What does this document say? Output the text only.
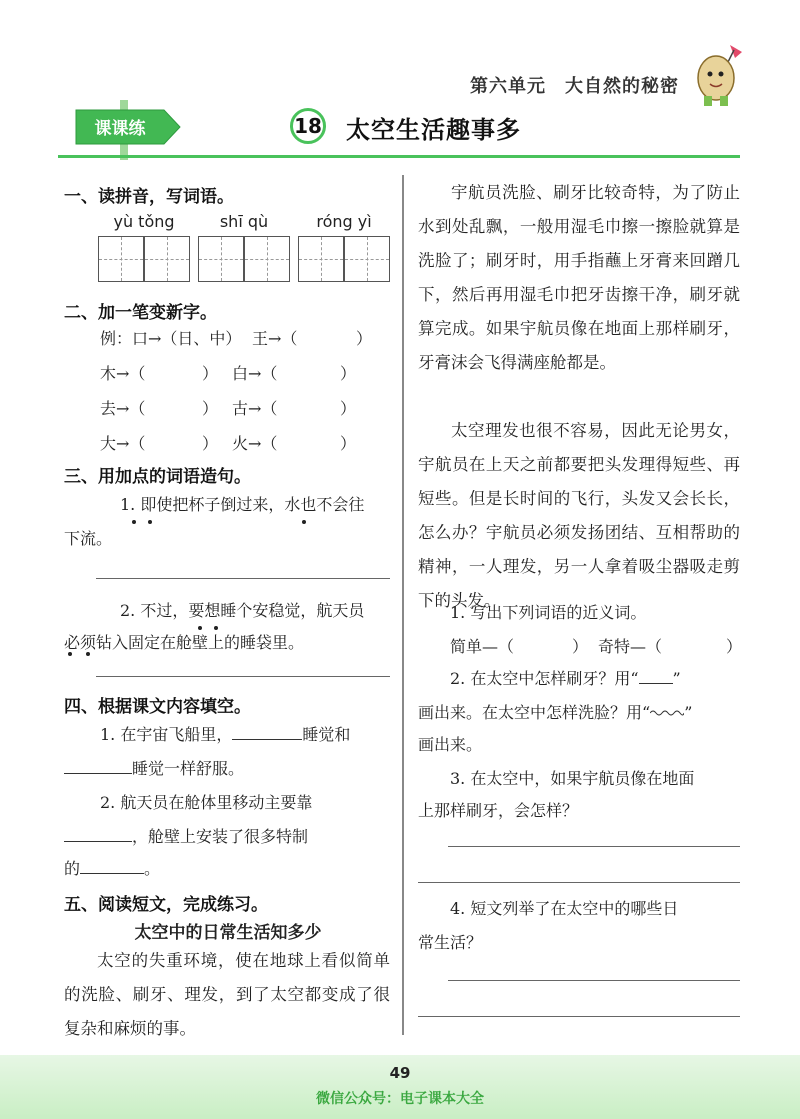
第六单元　大自然的秘密
课课练	18 太空生活趣事多
一、读拼音，写词语。
yù tǒng	shī qù	róng yì
二、加一笔变新字。
例：口→（日、中） 王→（	）
木→（	） 白→（	）
去→（	） 古→（	）
大→（	） 火→（	）
三、用加点的词语造句。
1. 即使把杯子倒过来，水也不会往
下流。
2. 不过，要想睡个安稳觉，航天员
必须钻入固定在舱壁上的睡袋里。
四、根据课文内容填空。
1. 在宇宙飞船里，	睡觉和
睡觉一样舒服。
2. 航天员在舱体里移动主要靠
，舱壁上安装了很多特制
的	。
五、阅读短文，完成练习。
太空中的日常生活知多少
太空的失重环境，使在地球上看似简单的洗脸、刷牙、理发，到了太空都变成了很复杂和麻烦的事。
宇航员洗脸、刷牙比较奇特，为了防止水到处乱飘，一般用湿毛巾擦一擦脸就算是洗脸了；刷牙时，用手指蘸上牙膏来回蹭几下，然后再用湿毛巾把牙齿擦干净，刷牙就算完成。如果宇航员像在地面上那样刷牙，牙膏沫会飞得满座舱都是。
太空理发也很不容易，因此无论男女，宇航员在上天之前都要把头发理得短些、再短些。但是长时间的飞行，头发又会长长，怎么办？宇航员必须发扬团结、互相帮助的精神，一人理发，另一人拿着吸尘器吸走剪下的头发。
1. 写出下列词语的近义词。
简单—（	） 奇特—（	）
2. 在太空中怎样刷牙？用“ ”
画出来。在太空中怎样洗脸？用“ ”
画出来。
3. 在太空中，如果宇航员像在地面
上那样刷牙，会怎样？
4. 短文列举了在太空中的哪些日
常生活？
49
微信公众号：电子课本大全
